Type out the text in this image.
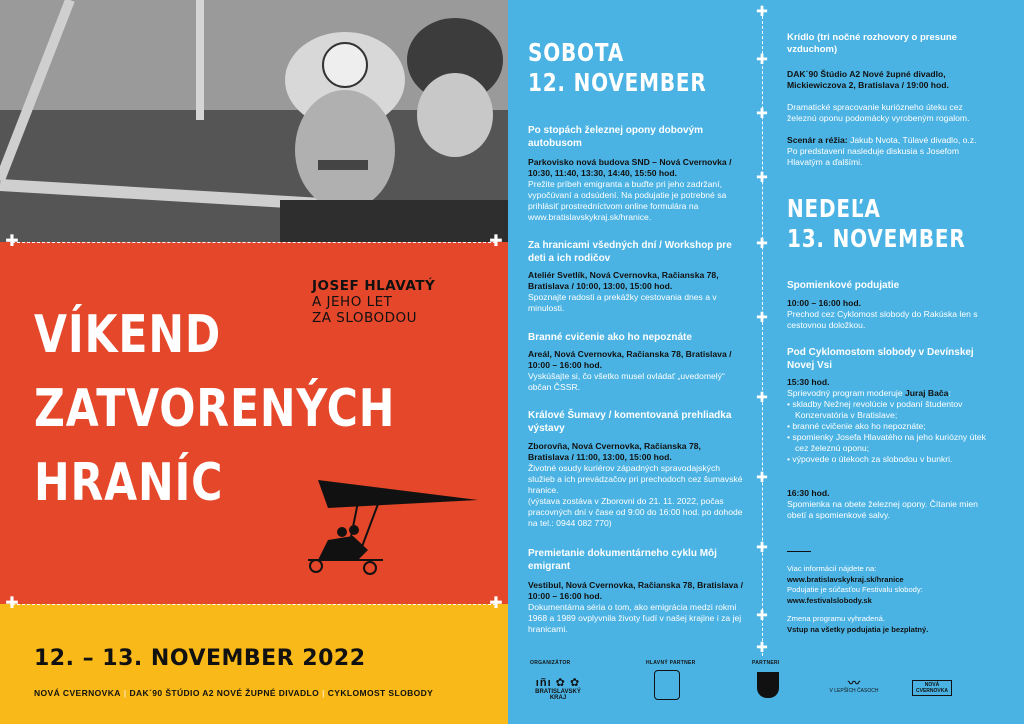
✚	✚
✚	✚
JOSEF HLAVATÝ
A JEHO LET
ZA SLOBODOU
VÍKEND
ZATVORENÝCH
HRANÍC
12. – 13. NOVEMBER 2022
NOVÁ CVERNOVKA | DAK´90 ŠTÚDIO A2 NOVÉ ŽUPNÉ DIVADLO | CYKLOMOST SLOBODY
✚
✚
✚
✚
✚
✚
✚
✚
✚
✚
✚
SOBOTA
12. NOVEMBER
Po stopách železnej opony dobovým autobusom
Parkovisko nová budova SND – Nová Cvernovka / 10:30, 11:40, 13:30, 14:40, 15:50 hod.
Prežite príbeh emigranta a buďte pri jeho zadržaní, vypočúvaní a odsúdení. Na podujatie je potrebné sa prihlásiť prostredníctvom online formulára na www.bratislavskykraj.sk/hranice.
Za hranicami všedných dní / Workshop pre deti a ich rodičov
Ateliér Svetlík, Nová Cvernovka, Račianska 78, Bratislava / 10:00, 13:00, 15:00 hod.
Spoznajte radosti a prekážky cestovania dnes a v minulosti.
Branné cvičenie ako ho nepoznáte
Areál, Nová Cvernovka, Račianska 78, Bratislava / 10:00 – 16:00 hod.
Vyskúšajte si, čo všetko musel ovládať „uvedomelý“ občan ČSSR.
Králové Šumavy / komentovaná prehliadka výstavy
Zborovňa, Nová Cvernovka, Račianska 78, Bratislava / 11:00, 13:00, 15:00 hod.
Životné osudy kuriérov západných spravodajských služieb a ich prevádzačov pri prechodoch cez šumavské hranice.
(výstava zostáva v Zborovni do 21. 11. 2022, počas pracovných dní v čase od 9:00 do 16:00 hod. po dohode na tel.: 0944 082 770)
Premietanie dokumentárneho cyklu Môj emigrant
Vestibul, Nová Cvernovka, Račianska 78, Bratislava / 10:00 – 16:00 hod.
Dokumentárna séria o tom, ako emigrácia medzi rokmi 1968 a 1989 ovplyvnila životy ľudí v našej krajine i za jej hranicami.
Krídlo (tri nočné rozhovory o presune vzduchom)
DAK´90 Štúdio A2 Nové župné divadlo, Mickiewiczova 2, Bratislava / 19:00 hod.
Dramatické spracovanie kurióznehо úteku cez železnú oponu podomácky vyrobeným rogalom.
Scenár a réžia: Jakub Nvota, Túlavé divadlo, o.z.
Po predstavení nasleduje diskusia s Josefom Hlavatým a ďalšími.
NEDEĽA
13. NOVEMBER
Spomienkové podujatie
10:00 – 16:00 hod.
Prechod cez Cyklomost slobody do Rakúska len s cestovnou doložkou.
Pod Cyklomostom slobody v Devínskej Novej Vsi
15:30 hod.
Sprievodný program moderuje Juraj Bača:
• skladby Nežnej revolúcie v podaní študentov Konzervatória v Bratislave;
• branné cvičenie ako ho nepoznáte;
• spomienky Josefa Hlavatého na jeho kuriózny útek cez železnú oponu;
• výpovede o útekoch za slobodou v bunkri.
16:30 hod.
Spomienka na obete železnej opony. Čítanie mien obetí a spomienkové salvy.
Viac informácií nájdete na:
www.bratislavskykraj.sk/hranice
Podujatie je súčasťou Festivalu slobody:
www.festivalslobody.sk
Zmena programu vyhradená.
Vstup na všetky podujatia je bezplatný.
ORGANIZÁTOR	HLAVNÝ PARTNER	PARTNERI
ıñı ✿ ✿
BRATISLAVSKÝ KRAJ
〰
V LEPŠÍCH ČASOCH
NOVÁ CVERNOVKA
